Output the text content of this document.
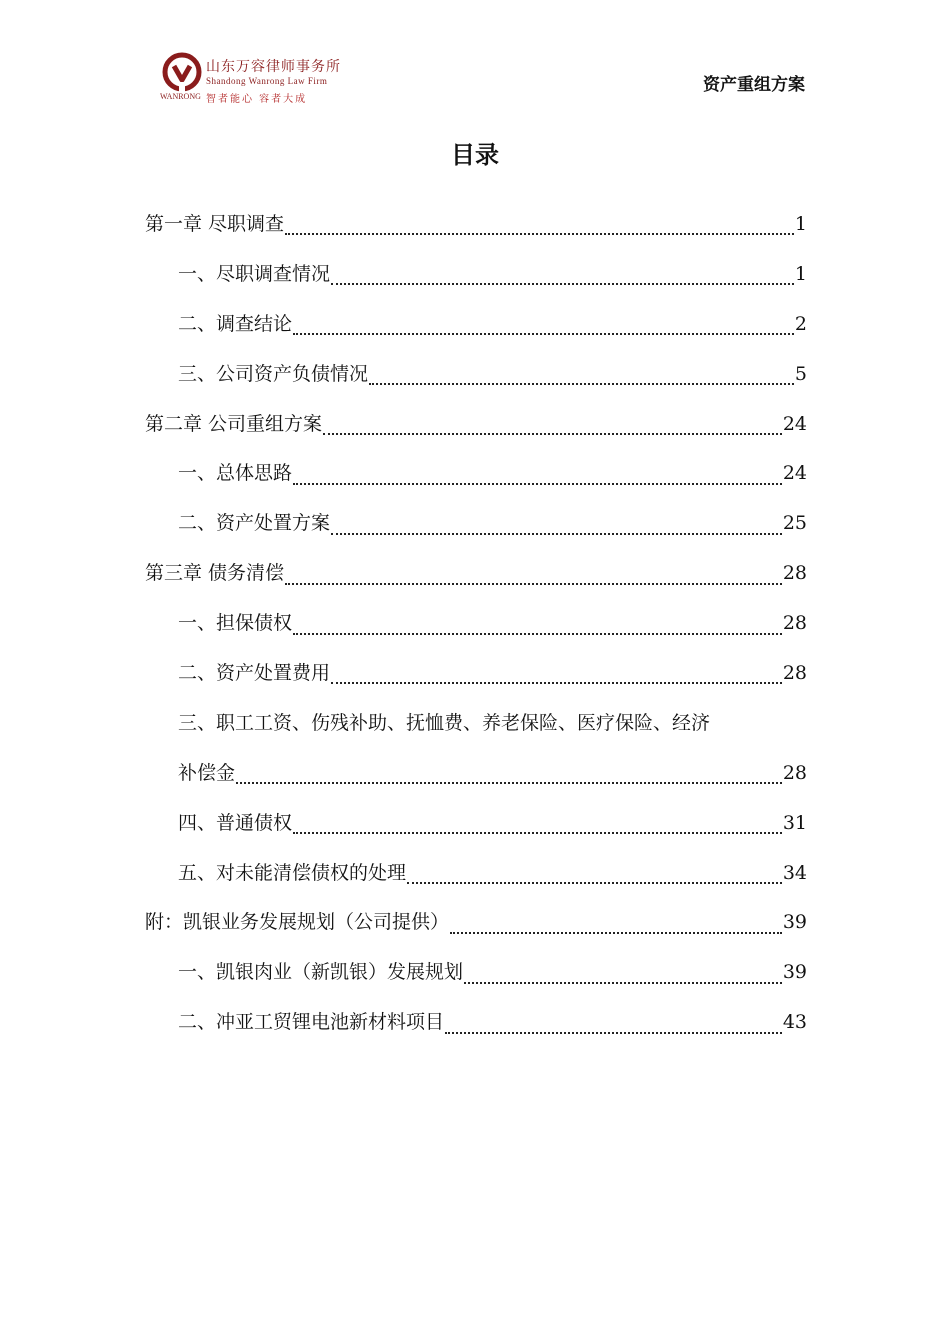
山东万容律师事务所
Shandong Wanrong Law Firm
WANRONG 智者能心 容者大成
资产重组方案
目录
第一章 尽职调查	1
一、尽职调查情况	1
二、调查结论	2
三、公司资产负债情况	5
第二章 公司重组方案	24
一、总体思路	24
二、资产处置方案	25
第三章 债务清偿	28
一、担保债权	28
二、资产处置费用	28
三、职工工资、伤残补助、抚恤费、养老保险、医疗保险、经济
补偿金	28
四、普通债权	31
五、对未能清偿债权的处理	34
附：凯银业务发展规划（公司提供）	39
一、凯银肉业（新凯银）发展规划	39
二、冲亚工贸锂电池新材料项目	43
